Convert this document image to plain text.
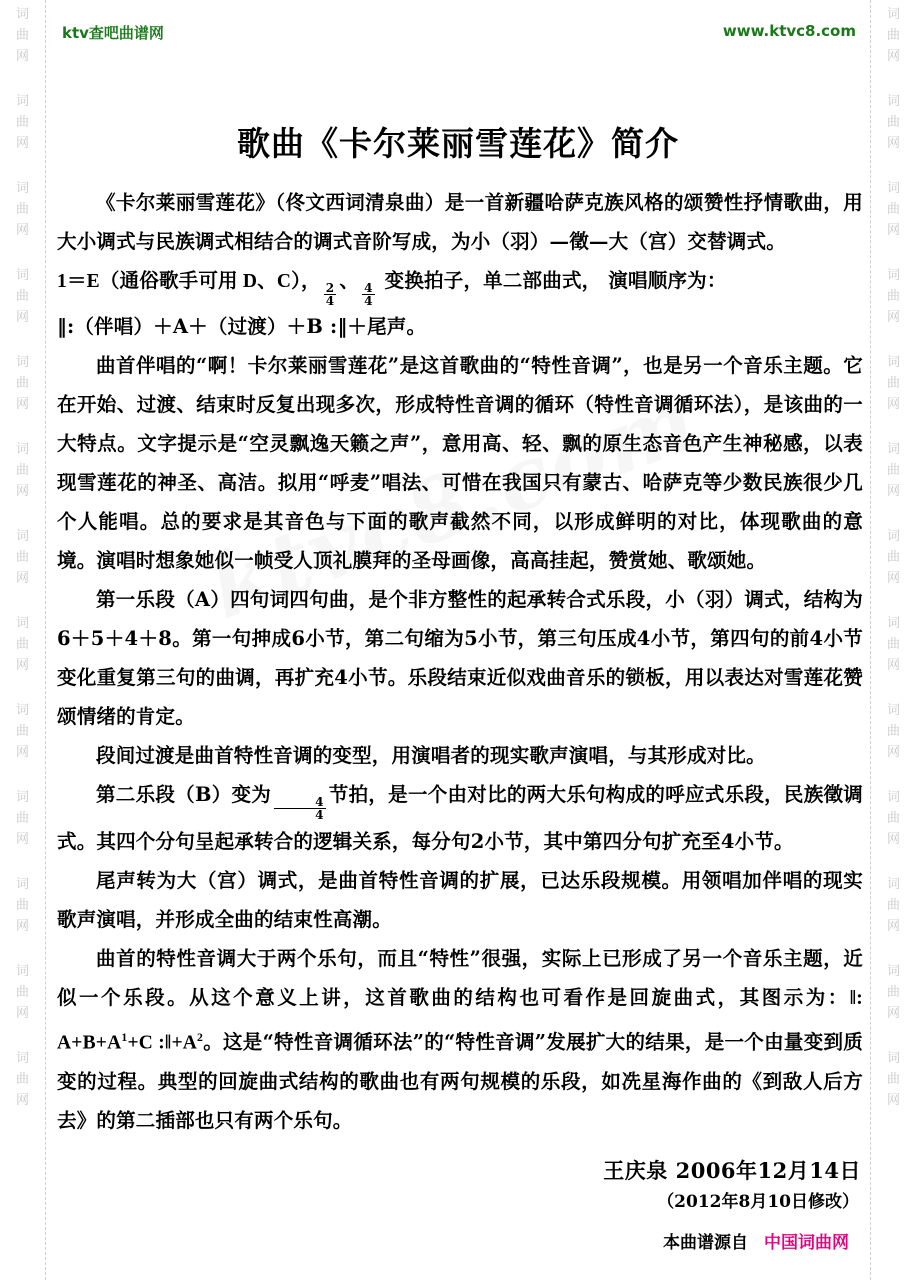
词
曲
网
词
曲
网
词
曲
网
词
曲
网
词
曲
网
词
曲
网
词
曲
网
词
曲
网
词
曲
网
词
曲
网
词
曲
网
词
曲
网
词
曲
网
词
曲
网
词
曲
网
词
曲
网
词
曲
网
词
曲
网
词
曲
网
词
曲
网
词
曲
网
词
曲
网
词
曲
网
词
曲
网
词
曲
网
词
曲
网
ktv查吧曲谱网	www.ktvc8.com
歌曲《卡尔莱丽雪莲花》简介

《卡尔莱丽雪莲花》（佟文西词清泉曲）是一首新疆哈萨克族风格的颂赞性抒情歌曲，用大小调式与民族调式相结合的调式音阶写成，为小（羽）—徵—大（宫）交替调式。

1＝E（通俗歌手可用 D、C），
$\frac{2}{4}$
、
$\frac{4}{4}$
变换拍子，单二部曲式， 演唱顺序为：

‖:（伴唱）＋A＋（过渡）＋B :‖＋尾声。

曲首伴唱的“啊！卡尔莱丽雪莲花”是这首歌曲的“特性音调”，也是另一个音乐主题。它在开始、过渡、结束时反复出现多次，形成特性音调的循环（特性音调循环法），是该曲的一大特点。文字提示是“空灵飘逸天籁之声”，意用高、轻、飘的原生态音色产生神秘感，以表现雪莲花的神圣、高洁。拟用“呼麦”唱法、可惜在我国只有蒙古、哈萨克等少数民族很少几个人能唱。总的要求是其音色与下面的歌声截然不同，以形成鲜明的对比，体现歌曲的意境。演唱时想象她似一帧受人顶礼膜拜的圣母画像，高高挂起，赞赏她、歌颂她。

第一乐段（A）四句词四句曲，是个非方整性的起承转合式乐段，小（羽）调式，结构为6＋5＋4＋8。第一句抻成6小节，第二句缩为5小节，第三句压成4小节，第四句的前4小节变化重复第三句的曲调，再扩充4小节。乐段结束近似戏曲音乐的锁板，用以表达对雪莲花赞颂情绪的肯定。

段间过渡是曲首特性音调的变型，用演唱者的现实歌声演唱，与其形成对比。

第二乐段（B）变为
$\frac{4}{4}$
节拍，是一个由对比的两大乐句构成的呼应式乐段，民族徵调式。其四个分句呈起承转合的逻辑关系，每分句2小节，其中第四分句扩充至4小节。

尾声转为大（宫）调式，是曲首特性音调的扩展，已达乐段规模。用领唱加伴唱的现实歌声演唱，并形成全曲的结束性高潮。

曲首的特性音调大于两个乐句，而且“特性”很强，实际上已形成了另一个音乐主题，近似一个乐段。从这个意义上讲，这首歌曲的结构也可看作是回旋曲式，其图示为：‖: $A+B+A^1+C$ $:‖+A^2$。这是“特性音调循环法”的“特性音调”发展扩大的结果，是一个由量变到质变的过程。典型的回旋曲式结构的歌曲也有两句规模的乐段，如冼星海作曲的《到敌人后方去》的第二插部也只有两个乐句。

王庆泉 2006年12月14日
（2012年8月10日修改）
本曲谱源自 中国词曲网
